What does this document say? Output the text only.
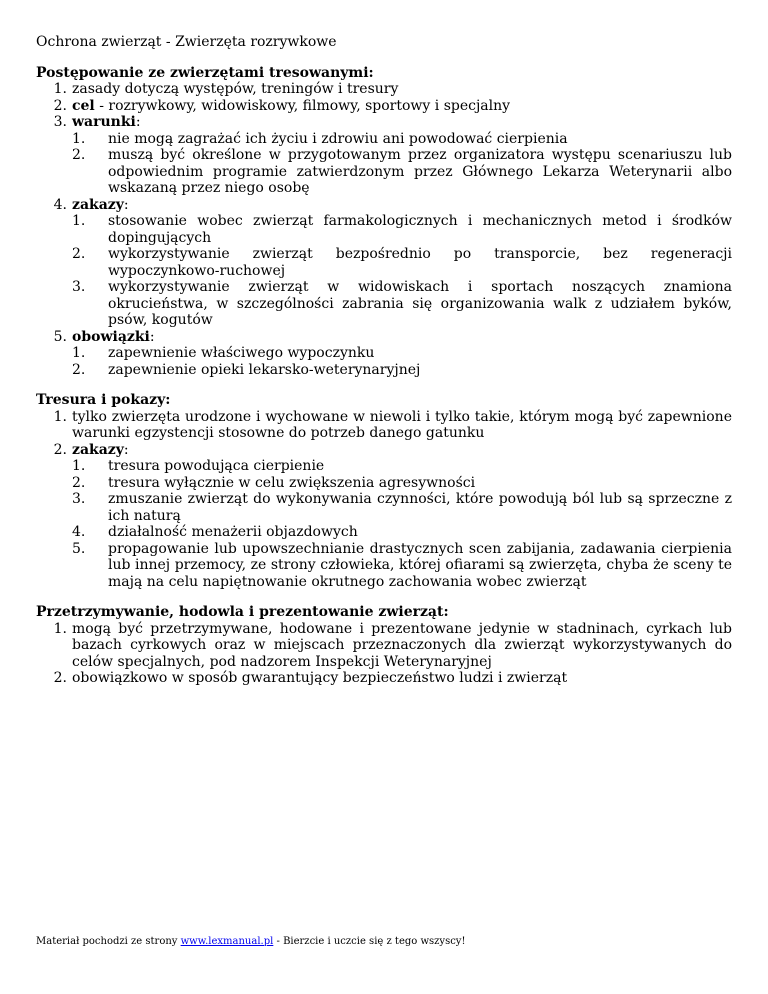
Ochrona zwierząt - Zwierzęta rozrywkowe

Postępowanie ze zwierzętami tresowanymi:
1. zasady dotyczą występów, treningów i tresury
2. cel - rozrywkowy, widowiskowy, filmowy, sportowy i specjalny
3. warunki:
1.	nie mogą zagrażać ich życiu i zdrowiu ani powodować cierpienia
2.	muszą być określone w przygotowanym przez organizatora występu scenariuszu lub odpowiednim programie zatwierdzonym przez Głównego Lekarza Weterynarii albo wskazaną przez niego osobę
4. zakazy:
1.	stosowanie wobec zwierząt farmakologicznych i mechanicznych metod i środków dopingujących
2.	wykorzystywanie zwierząt bezpośrednio po transporcie, bez regeneracji wypoczynkowo-ruchowej
3.	wykorzystywanie zwierząt w widowiskach i sportach noszących znamiona okrucieństwa, w szczególności zabrania się organizowania walk z udziałem byków, psów, kogutów
5. obowiązki:
1.	zapewnienie właściwego wypoczynku
2.	zapewnienie opieki lekarsko-weterynaryjnej
Tresura i pokazy:
1. tylko zwierzęta urodzone i wychowane w niewoli i tylko takie, którym mogą być zapewnione warunki egzystencji stosowne do potrzeb danego gatunku
2. zakazy:
1.	tresura powodująca cierpienie
2.	tresura wyłącznie w celu zwiększenia agresywności
3.	zmuszanie zwierząt do wykonywania czynności, które powodują ból lub są sprzeczne z ich naturą
4.	działalność menażerii objazdowych
5.	propagowanie lub upowszechnianie drastycznych scen zabijania, zadawania cierpienia lub innej przemocy, ze strony człowieka, której ofiarami są zwierzęta, chyba że sceny te mają na celu napiętnowanie okrutnego zachowania wobec zwierząt
Przetrzymywanie, hodowla i prezentowanie zwierząt:
1. mogą być przetrzymywane, hodowane i prezentowane jedynie w stadninach, cyrkach lub bazach cyrkowych oraz w miejscach przeznaczonych dla zwierząt wykorzystywanych do celów specjalnych, pod nadzorem Inspekcji Weterynaryjnej
2. obowiązkowo w sposób gwarantujący bezpieczeństwo ludzi i zwierząt
Materiał pochodzi ze strony www.lexmanual.pl - Bierzcie i uczcie się z tego wszyscy!
